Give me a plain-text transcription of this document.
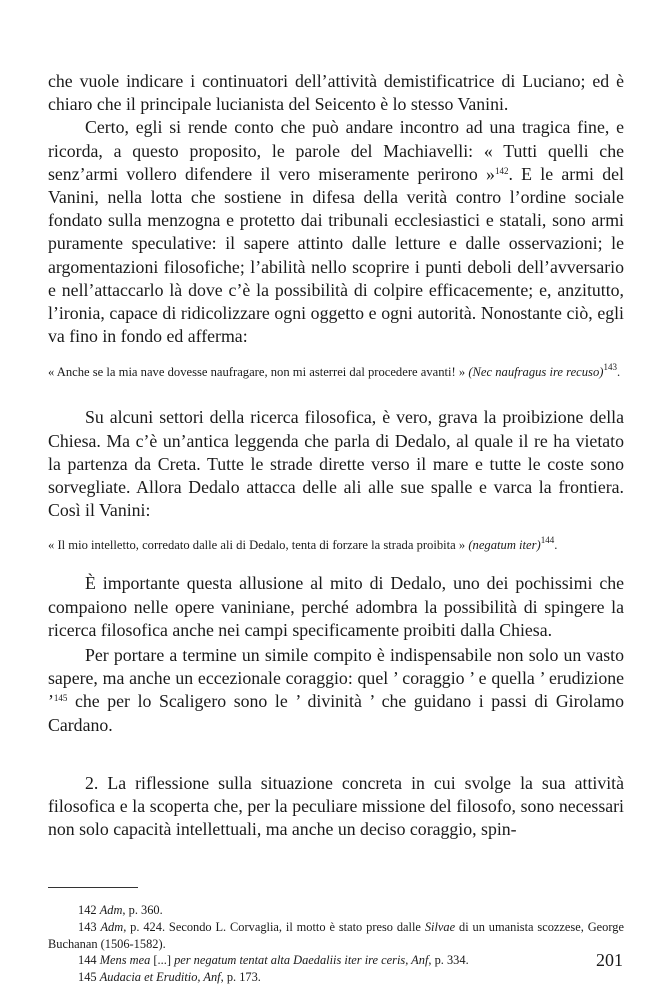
che vuole indicare i continuatori dell’attività demistificatrice di Luciano; ed è chiaro che il principale lucianista del Seicento è lo stesso Vanini.

Certo, egli si rende conto che può andare incontro ad una tragica fine, e ricorda, a questo proposito, le parole del Machiavelli: « Tutti quelli che senz’armi vollero difendere il vero miseramente perirono »$^{142}$. E le armi del Vanini, nella lotta che sostiene in difesa della verità contro l’ordine sociale fondato sulla menzogna e protetto dai tribunali ecclesiastici e statali, sono armi puramente speculative: il sapere attinto dalle letture e dalle osservazioni; le argomentazioni filosofiche; l’abilità nello scoprire i punti deboli dell’avversario e nell’attaccarlo là dove c’è la possibilità di colpire efficacemente; e, anzitutto, l’ironia, capace di ridicolizzare ogni oggetto e ogni autorità. Nonostante ciò, egli va fino in fondo ed afferma:

« Anche se la mia nave dovesse naufragare, non mi asterrei dal procedere avanti! » (Nec naufragus ire recuso)$^{143}$.

Su alcuni settori della ricerca filosofica, è vero, grava la proibizione della Chiesa. Ma c’è un’antica leggenda che parla di Dedalo, al quale il re ha vietato la partenza da Creta. Tutte le strade dirette verso il mare e tutte le coste sono sorvegliate. Allora Dedalo attacca delle ali alle sue spalle e varca la frontiera. Così il Vanini:

« Il mio intelletto, corredato dalle ali di Dedalo, tenta di forzare la strada proibita » (negatum iter)$^{144}$.

È importante questa allusione al mito di Dedalo, uno dei pochissimi che compaiono nelle opere vaniniane, perché adombra la possibilità di spingere la ricerca filosofica anche nei campi specificamente proibiti dalla Chiesa.

Per portare a termine un simile compito è indispensabile non solo un vasto sapere, ma anche un eccezionale coraggio: quel ’ coraggio ’ e quella ’ erudizione ’$^{145}$ che per lo Scaligero sono le ’ divinità ’ che guidano i passi di Girolamo Cardano.

2. La riflessione sulla situazione concreta in cui svolge la sua attività filosofica e la scoperta che, per la peculiare missione del filosofo, sono necessari non solo capacità intellettuali, ma anche un deciso coraggio, spin-

142 Adm, p. 360.

143 Adm, p. 424. Secondo L. Corvaglia, il motto è stato preso dalle Silvae di un umanista scozzese, George Buchanan (1506-1582).

144 Mens mea [...] per negatum tentat alta Daedaliis iter ire ceris, Anf, p. 334.

145 Audacia et Eruditio, Anf, p. 173.

201
